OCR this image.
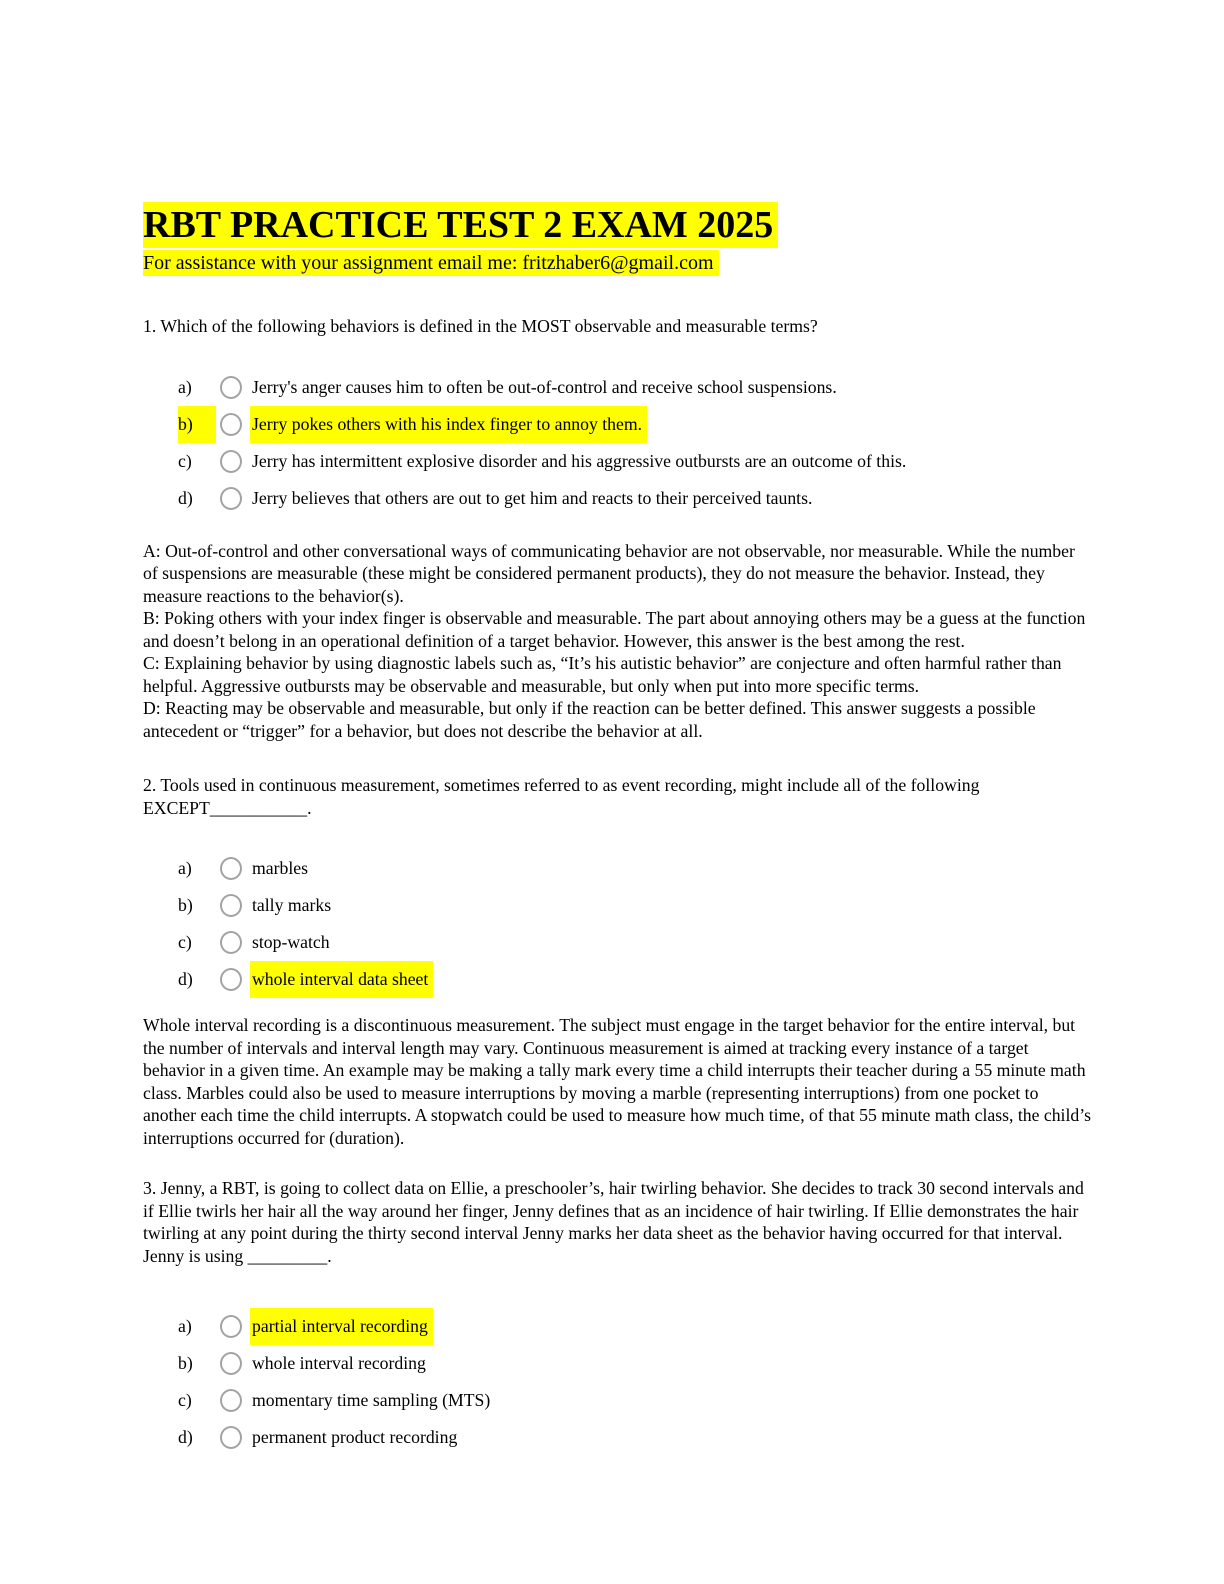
RBT PRACTICE TEST 2 EXAM 2025
For assistance with your assignment email me: fritzhaber6@gmail.com

1. Which of the following behaviors is defined in the MOST observable and measurable terms?

a)	Jerry's anger causes him to often be out-of-control and receive school suspensions.
b)	Jerry pokes others with his index finger to annoy them.
c)	Jerry has intermittent explosive disorder and his aggressive outbursts are an outcome of this.
d)	Jerry believes that others are out to get him and reacts to their perceived taunts.
A: Out-of-control and other conversational ways of communicating behavior are not observable, nor measurable. While the number of suspensions are measurable (these might be considered permanent products), they do not measure the behavior. Instead, they measure reactions to the behavior(s).
B: Poking others with your index finger is observable and measurable. The part about annoying others may be a guess at the function and doesn’t belong in an operational definition of a target behavior. However, this answer is the best among the rest.
C: Explaining behavior by using diagnostic labels such as, “It’s his autistic behavior” are conjecture and often harmful rather than helpful. Aggressive outbursts may be observable and measurable, but only when put into more specific terms.
D: Reacting may be observable and measurable, but only if the reaction can be better defined. This answer suggests a possible antecedent or “trigger” for a behavior, but does not describe the behavior at all.

2. Tools used in continuous measurement, sometimes referred to as event recording, might include all of the following EXCEPT___________.

a)	marbles
b)	tally marks
c)	stop-watch
d)	whole interval data sheet
Whole interval recording is a discontinuous measurement. The subject must engage in the target behavior for the entire interval, but the number of intervals and interval length may vary. Continuous measurement is aimed at tracking every instance of a target behavior in a given time. An example may be making a tally mark every time a child interrupts their teacher during a 55 minute math class. Marbles could also be used to measure interruptions by moving a marble (representing interruptions) from one pocket to another each time the child interrupts. A stopwatch could be used to measure how much time, of that 55 minute math class, the child’s interruptions occurred for (duration).

3. Jenny, a RBT, is going to collect data on Ellie, a preschooler’s, hair twirling behavior. She decides to track 30 second intervals and if Ellie twirls her hair all the way around her finger, Jenny defines that as an incidence of hair twirling. If Ellie demonstrates the hair twirling at any point during the thirty second interval Jenny marks her data sheet as the behavior having occurred for that interval. Jenny is using _________.

a)	partial interval recording
b)	whole interval recording
c)	momentary time sampling (MTS)
d)	permanent product recording
